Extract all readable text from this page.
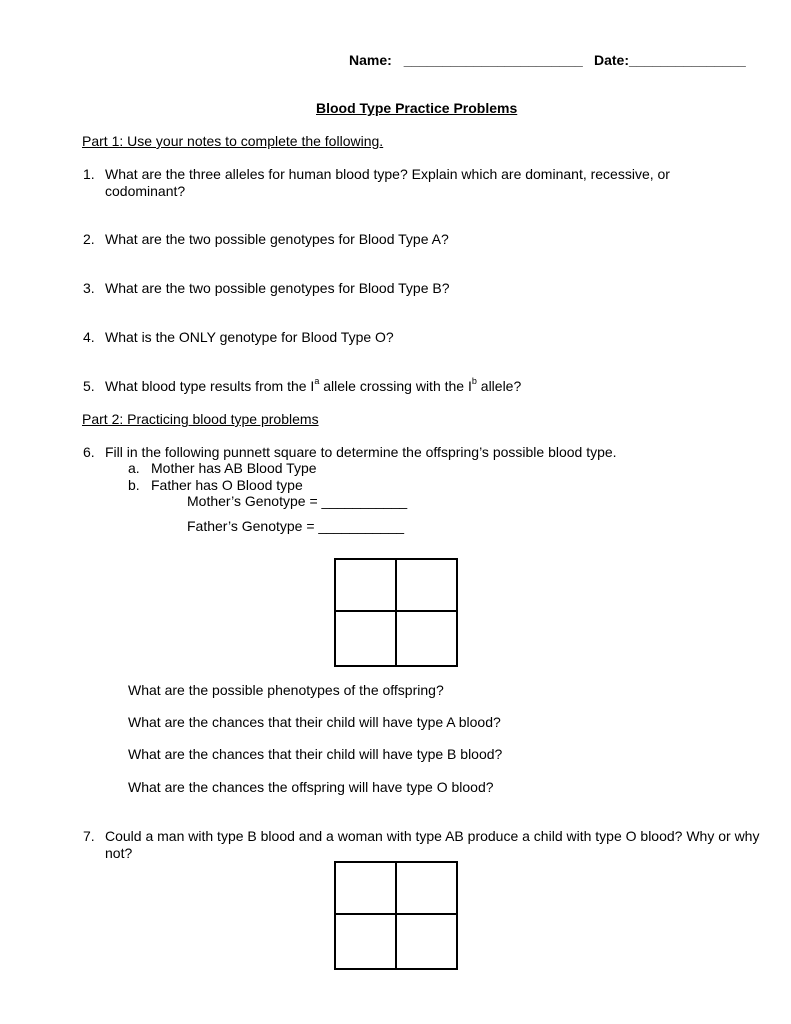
Name: _______________________ Date:_______________
Blood Type Practice Problems
Part 1: Use your notes to complete the following.
1. What are the three alleles for human blood type? Explain which are dominant, recessive, or codominant?
2. What are the two possible genotypes for Blood Type A?
3. What are the two possible genotypes for Blood Type B?
4. What is the ONLY genotype for Blood Type O?
5. What blood type results from the $I^a$ allele crossing with the $I^b$ allele?
Part 2: Practicing blood type problems
6. Fill in the following punnett square to determine the offspring’s possible blood type.
a. Mother has AB Blood Type
b. Father has O Blood type
Mother’s Genotype = ___________
Father’s Genotype = ___________
What are the possible phenotypes of the offspring?
What are the chances that their child will have type A blood?
What are the chances that their child will have type B blood?
What are the chances the offspring will have type O blood?
7. Could a man with type B blood and a woman with type AB produce a child with type O blood? Why or why not?
